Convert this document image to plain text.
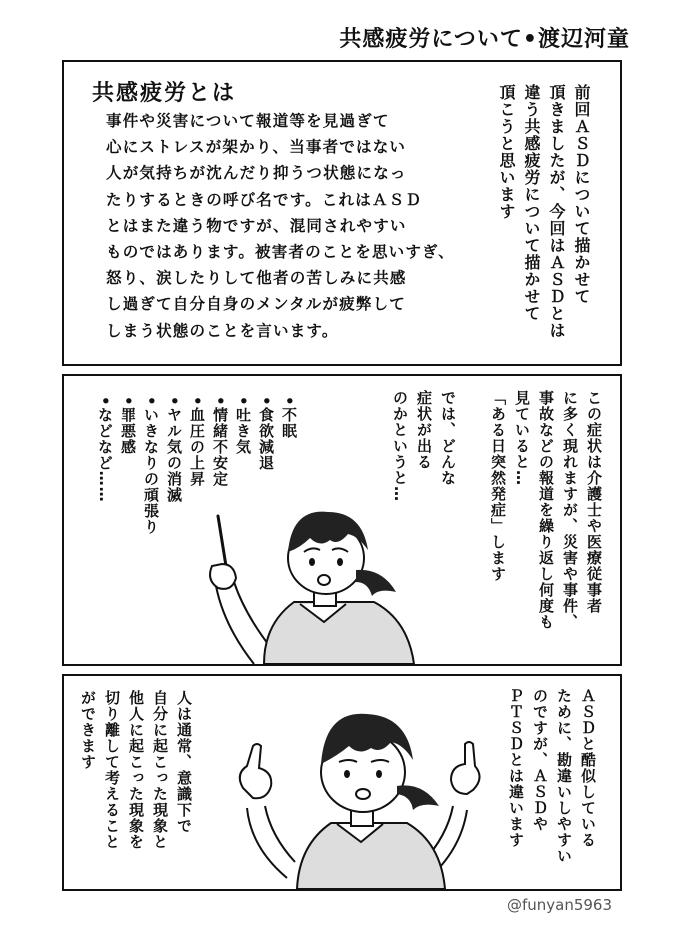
共感疲労について•渡辺河童
共感疲労とは
事件や災害について報道等を見過ぎて
心にストレスが架かり、当事者ではない
人が気持ちが沈んだり抑うつ状態になっ
たりするときの呼び名です。これはＡＳＤ
とはまた違う物ですが、混同されやすい
ものではあります。被害者のことを思いすぎ、
怒り、涙したりして他者の苦しみに共感
し過ぎて自分自身のメンタルが疲弊して
しまう状態のことを言います。
前回ＡＳＤについて描かせて
頂きましたが、今回はＡＳＤとは
違う共感疲労について描かせて
頂こうと思います
この症状は介護士や医療従事者
に多く現れますが、災害や事件、
事故などの報道を繰り返し何度も
見ていると…
「ある日突然発症」します
では、どんな
症状が出る
のかというと…
•不眠
•食欲減退
•吐き気
•情緒不安定
•血圧の上昇
•ヤル気の消滅
•いきなりの頑張り
•罪悪感
•などなど……
ＡＳＤと酷似している
ために、勘違いしやすい
のですが、ＡＳＤや
ＰＴＳＤとは違います
人は通常、意識下で
自分に起こった現象と
他人に起こった現象を
切り離して考えること
ができます
@funyan5963
